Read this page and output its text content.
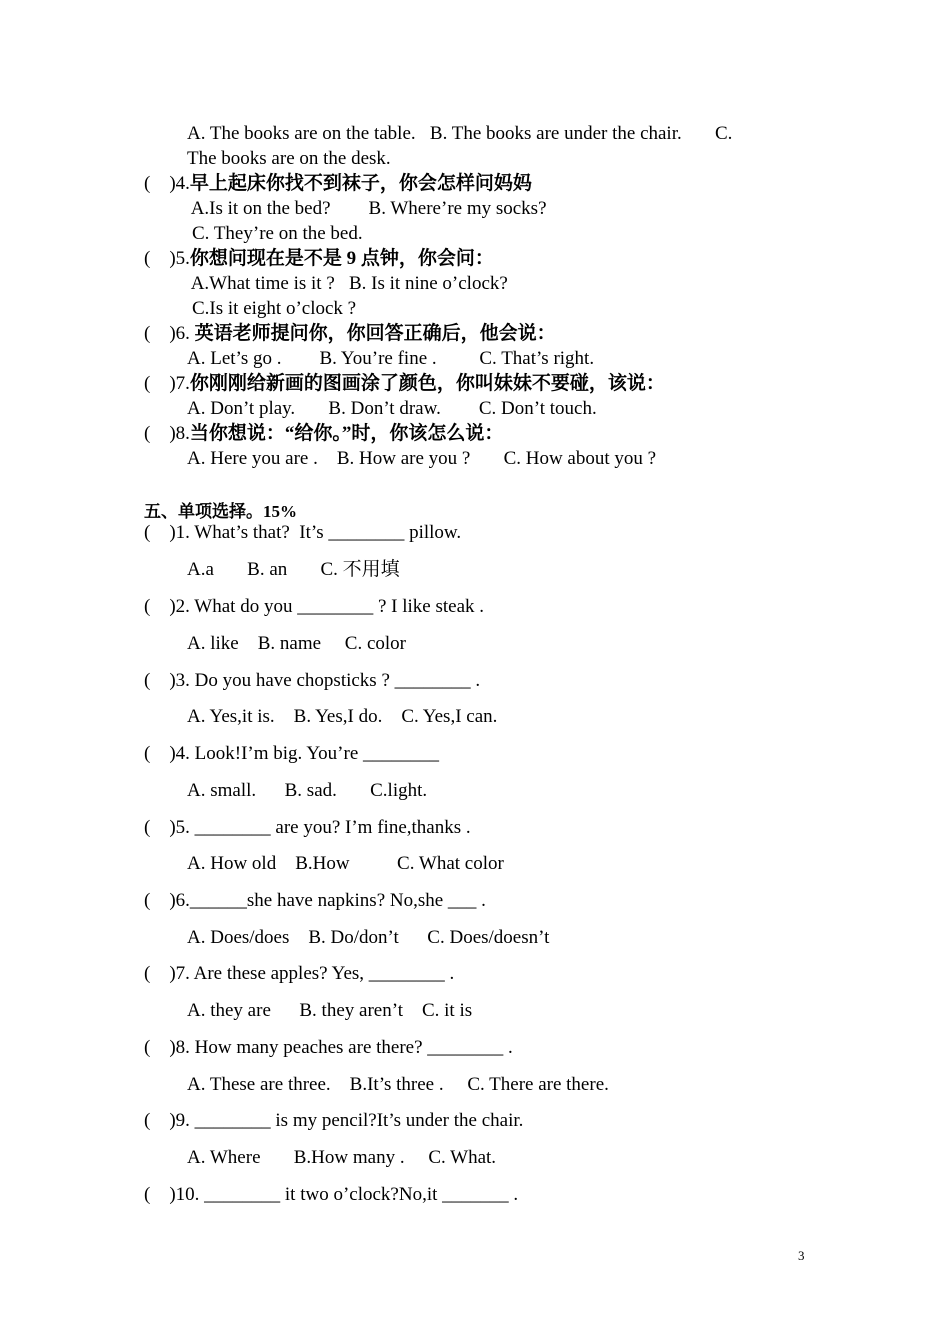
A. The books are on the table.   B. The books are under the chair.       C.
The books are on the desk.
(    )4.早上起床你找不到袜子，你会怎样问妈妈
A.Is it on the bed?        B. Where’re my socks?
C. They’re on the bed.
(    )5.你想问现在是不是 9 点钟，你会问：
A.What time is it ?   B. Is it nine o’clock?
C.Is it eight o’clock ?
(    )6. 英语老师提问你，你回答正确后，他会说：
A. Let’s go .        B. You’re fine .         C. That’s right.
(    )7.你刚刚给新画的图画涂了颜色，你叫妹妹不要碰，该说：
A. Don’t play.       B. Don’t draw.        C. Don’t touch.
(    )8.当你想说：“给你。”时，你该怎么说：
A. Here you are .    B. How are you ?       C. How about you ?
五、单项选择。15%
(    )1. What’s that?  It’s ________ pillow.
A.a       B. an       C. 不用填
(    )2. What do you ________ ? I like steak .
A. like    B. name     C. color
(    )3. Do you have chopsticks ? ________ .
A. Yes,it is.    B. Yes,I do.    C. Yes,I can.
(    )4. Look!I’m big. You’re ________
A. small.      B. sad.       C.light.
(    )5. ________ are you? I’m fine,thanks .
A. How old    B.How          C. What color
(    )6.______she have napkins? No,she ___ .
A. Does/does    B. Do/don’t      C. Does/doesn’t
(    )7. Are these apples? Yes, ________ .
A. they are      B. they aren’t    C. it is
(    )8. How many peaches are there? ________ .
A. These are three.    B.It’s three .     C. There are there.
(    )9. ________ is my pencil?It’s under the chair.
A. Where       B.How many .     C. What.
(    )10. ________ it two o’clock?No,it _______ .
3
